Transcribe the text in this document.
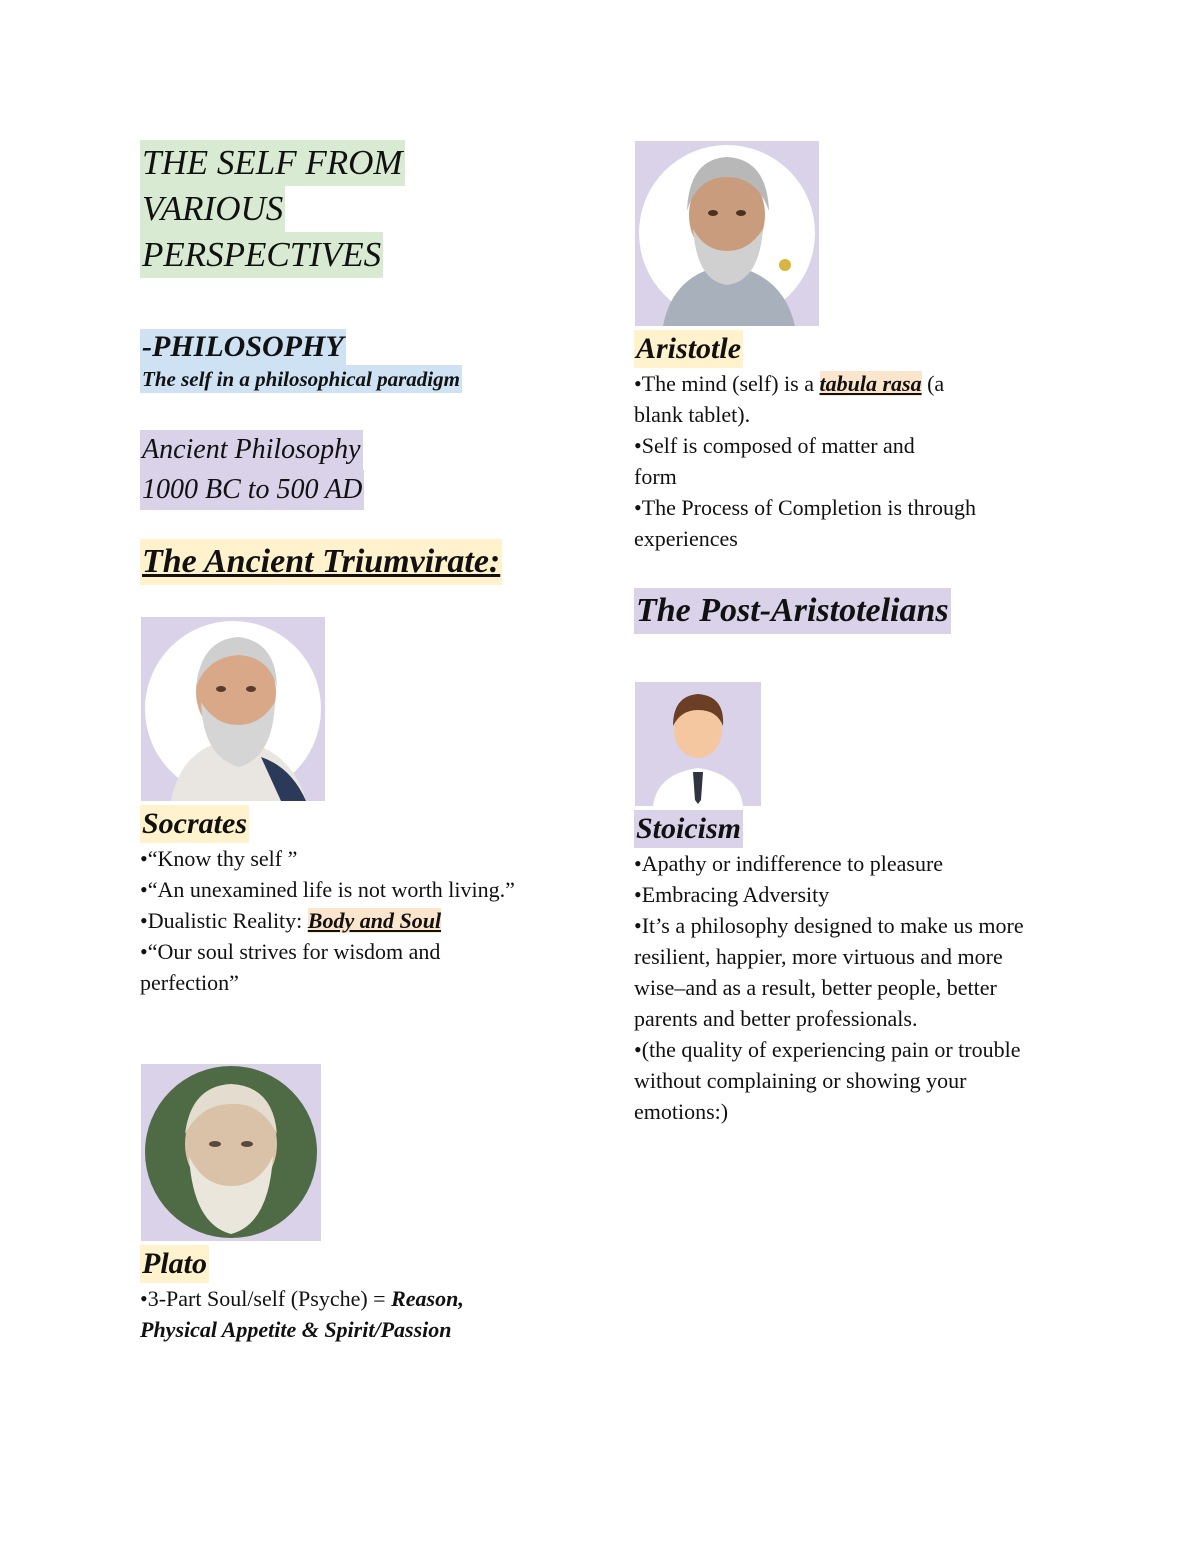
THE SELF FROM
VARIOUS
PERSPECTIVES
-PHILOSOPHY
The self in a philosophical paradigm
Ancient Philosophy
1000 BC to 500 AD
The Ancient Triumvirate:
Socrates
•“Know thy self ”
•“An unexamined life is not worth living.”
•Dualistic Reality: Body and Soul
•“Our soul strives for wisdom and
perfection”
Plato
•3-Part Soul/self (Psyche) = Reason,
Physical Appetite & Spirit/Passion
Aristotle
•The mind (self) is a tabula rasa (a
blank tablet).
•Self is composed of matter and
form
•The Process of Completion is through
experiences
The Post-Aristotelians
Stoicism
•Apathy or indifference to pleasure
•Embracing Adversity
•It’s a philosophy designed to make us more
resilient, happier, more virtuous and more
wise–and as a result, better people, better
parents and better professionals.
•(the quality of experiencing pain or trouble
without complaining or showing your
emotions:)
